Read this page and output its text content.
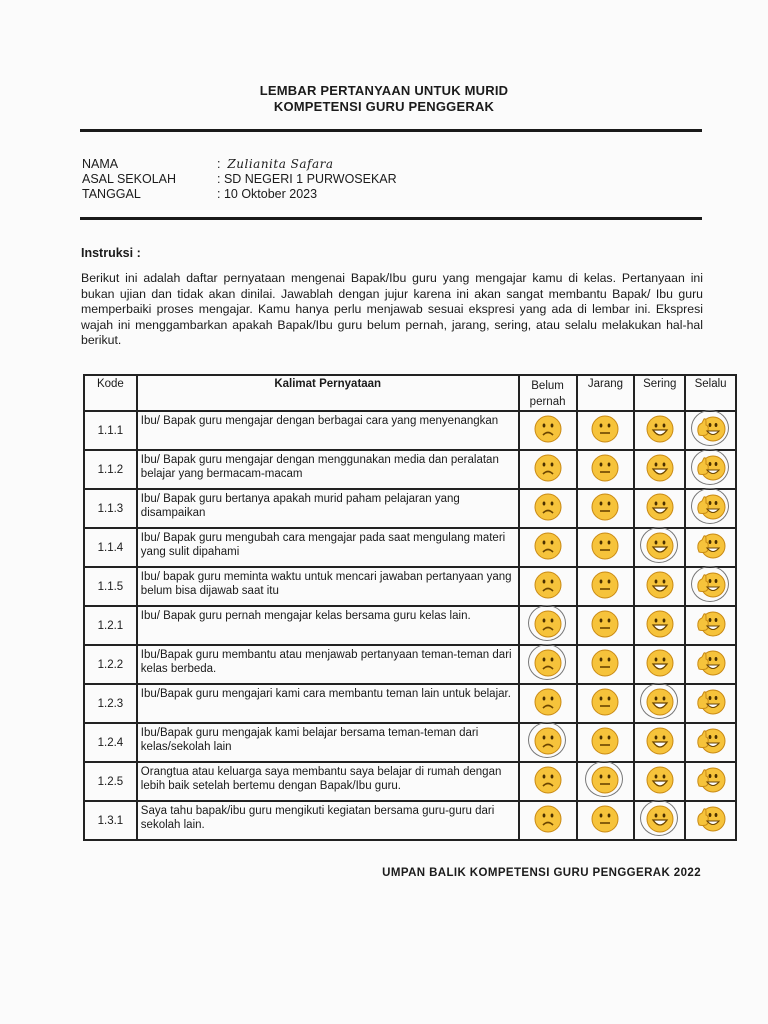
LEMBAR PERTANYAAN UNTUK MURID
KOMPETENSI GURU PENGGERAK
NAMA	:  Zulianita Safara
ASAL SEKOLAH	: SD NEGERI 1 PURWOSEKAR
TANGGAL	: 10 Oktober 2023
Instruksi :
Berikut ini adalah daftar pernyataan mengenai Bapak/Ibu guru yang mengajar kamu di kelas. Pertanyaan ini bukan ujian dan tidak akan dinilai. Jawablah dengan jujur karena ini akan sangat membantu Bapak/ Ibu guru memperbaiki proses mengajar. Kamu hanya perlu menjawab sesuai ekspresi yang ada di lembar ini. Ekspresi wajah ini menggambarkan apakah Bapak/Ibu guru belum pernah, jarang, sering, atau selalu melakukan hal-hal berikut.
Kode	Kalimat Pernyataan	Belum pernah	Jarang	Sering	Selalu
1.1.1	Ibu/ Bapak guru mengajar dengan berbagai cara yang menyenangkan	

1.1.2	Ibu/ Bapak guru mengajar dengan menggunakan media dan peralatan belajar yang bermacam-macam	

1.1.3	Ibu/ Bapak guru bertanya apakah murid paham pelajaran yang disampaikan	

1.1.4	Ibu/ Bapak guru mengubah cara mengajar pada saat mengulang materi yang sulit dipahami	

1.1.5	Ibu/ bapak guru meminta waktu untuk mencari jawaban pertanyaan yang belum bisa dijawab saat itu	

1.2.1	Ibu/ Bapak guru pernah mengajar kelas bersama guru kelas lain.	

1.2.2	Ibu/Bapak guru membantu atau menjawab pertanyaan teman-teman dari kelas berbeda.	

1.2.3	Ibu/Bapak guru mengajari kami cara membantu teman lain untuk belajar.	

1.2.4	Ibu/Bapak guru mengajak kami belajar bersama teman-teman dari kelas/sekolah lain	

1.2.5	Orangtua atau keluarga saya membantu saya belajar di rumah dengan lebih baik setelah bertemu dengan Bapak/Ibu guru.	

1.3.1	Saya tahu bapak/ibu guru mengikuti kegiatan bersama guru-guru dari sekolah lain.	

UMPAN BALIK KOMPETENSI GURU PENGGERAK 2022
